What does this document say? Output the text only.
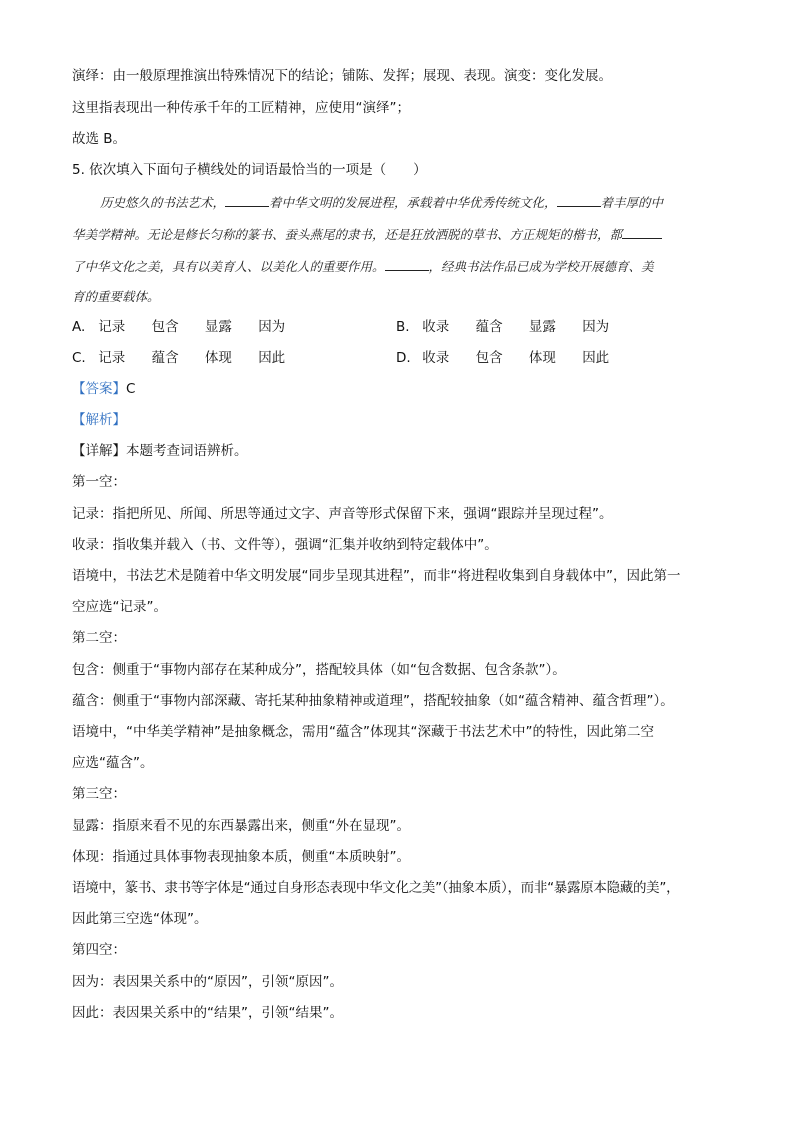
演绎：由一般原理推演出特殊情况下的结论；铺陈、发挥；展现、表现。演变：变化发展。
这里指表现出一种传承千年的工匠精神，应使用“演绎”；
故选 B。
5. 依次填入下面句子横线处的词语最恰当的一项是（　　）
历史悠久的书法艺术，	着中华文明的发展进程，承载着中华优秀传统文化，	着丰厚的中
华美学精神。无论是修长匀称的篆书、蚕头燕尾的隶书，还是狂放洒脱的草书、方正规矩的楷书，都
了中华文化之美，具有以美育人、以美化人的重要作用。	，经典书法作品已成为学校开展德育、美
育的重要载体。
A. 记录 包含 显露 因为	B. 收录 蕴含 显露 因为
C. 记录 蕴含 体现 因此	D. 收录 包含 体现 因此
【答案】C
【解析】
【详解】本题考查词语辨析。
第一空：
记录：指把所见、所闻、所思等通过文字、声音等形式保留下来，强调“跟踪并呈现过程”。
收录：指收集并载入（书、文件等），强调“汇集并收纳到特定载体中”。
语境中，书法艺术是随着中华文明发展“同步呈现其进程”，而非“将进程收集到自身载体中”，因此第一
空应选“记录”。
第二空：
包含：侧重于“事物内部存在某种成分”，搭配较具体（如“包含数据、包含条款”）。
蕴含：侧重于“事物内部深藏、寄托某种抽象精神或道理”，搭配较抽象（如“蕴含精神、蕴含哲理”）。
语境中，“中华美学精神”是抽象概念，需用“蕴含”体现其“深藏于书法艺术中”的特性，因此第二空
应选“蕴含”。
第三空：
显露：指原来看不见的东西暴露出来，侧重“外在显现”。
体现：指通过具体事物表现抽象本质，侧重“本质映射”。
语境中，篆书、隶书等字体是“通过自身形态表现中华文化之美”（抽象本质），而非“暴露原本隐藏的美”，
因此第三空选“体现”。
第四空：
因为：表因果关系中的“原因”，引领“原因”。
因此：表因果关系中的“结果”，引领“结果”。
